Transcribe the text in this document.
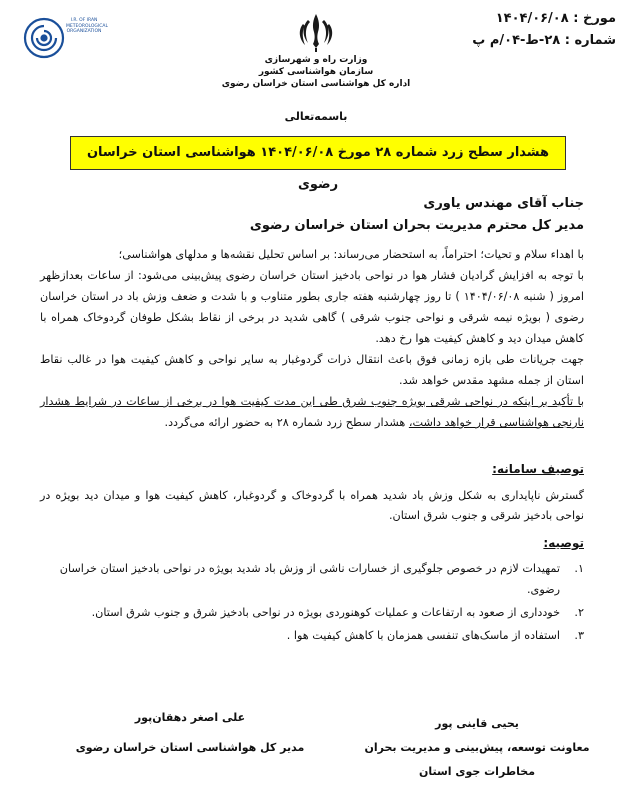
مورخ : ۱۴۰۴/۰۶/۰۸
شماره : ۲۸-ط-۰۴/م پ
وزارت راه و شهرسازی
سازمان هواشناسی کشور
اداره کل هواشناسی استان خراسان رضوی
I.R. OF IRAN METEOROLOGICAL ORGANIZATION
باسمه‌تعالی
هشدار سطح زرد شماره ۲۸ مورخ ۱۴۰۴/۰۶/۰۸ هواشناسی استان خراسان رضوی
جناب آقای مهندس یاوری
مدیر کل محترم مدیریت بحران استان خراسان رضوی

با اهداء سلام و تحیات؛ احتراماً، به استحضار می‌رساند: بر اساس تحلیل نقشه‌ها و مدلهای هواشناسی؛

با توجه به افزایش گرادیان فشار هوا در نواحی بادخیز استان خراسان رضوی پیش‌بینی می‌شود: از ساعات بعدازظهر امروز ( شنبه ۱۴۰۴/۰۶/۰۸ ) تا روز چهارشنبه هفته جاری بطور متناوب و با شدت و ضعف وزش باد در استان خراسان رضوی ( بویژه نیمه شرقی و نواحی جنوب شرقی ) گاهی شدید در برخی از نقاط بشکل طوفان گردوخاک همراه با کاهش میدان دید و کاهش کیفیت هوا رخ دهد.

جهت جریانات طی بازه زمانی فوق باعث انتقال ذرات گردوغبار به سایر نواحی و کاهش کیفیت هوا در غالب نقاط استان از جمله مشهد مقدس خواهد شد.

با تأکید بر اینکه در نواحی شرقی بویژه جنوب شرق طی این مدت کیفیت هوا در برخی از ساعات در شرایط هشدار نارنجی هواشناسی قرار خواهد داشت، هشدار سطح زرد شماره ۲۸ به حضور ارائه می‌گردد.

توصیف سامانه:
گسترش ناپایداری به شکل وزش باد شدید همراه با گردوخاک و گردوغبار، کاهش کیفیت هوا و میدان دید بویژه در نواحی بادخیز شرقی و جنوب شرق استان.
توصیه:
۱.
تمهیدات لازم در خصوص جلوگیری از خسارات ناشی از وزش باد شدید بویژه در نواحی بادخیز استان خراسان رضوی.
۲.
خودداری از صعود به ارتفاعات و عملیات کوهنوردی بویژه در نواحی بادخیز شرق و جنوب شرق استان.
۳.
استفاده از ماسک‌های تنفسی همزمان با کاهش کیفیت هوا .
یحیی قاینی پور
معاونت توسعه، پیش‌بینی و مدیریت بحران
مخاطرات جوی استان
علی اصغر دهقان‌پور
مدیر کل هواشناسی استان خراسان رضوی
